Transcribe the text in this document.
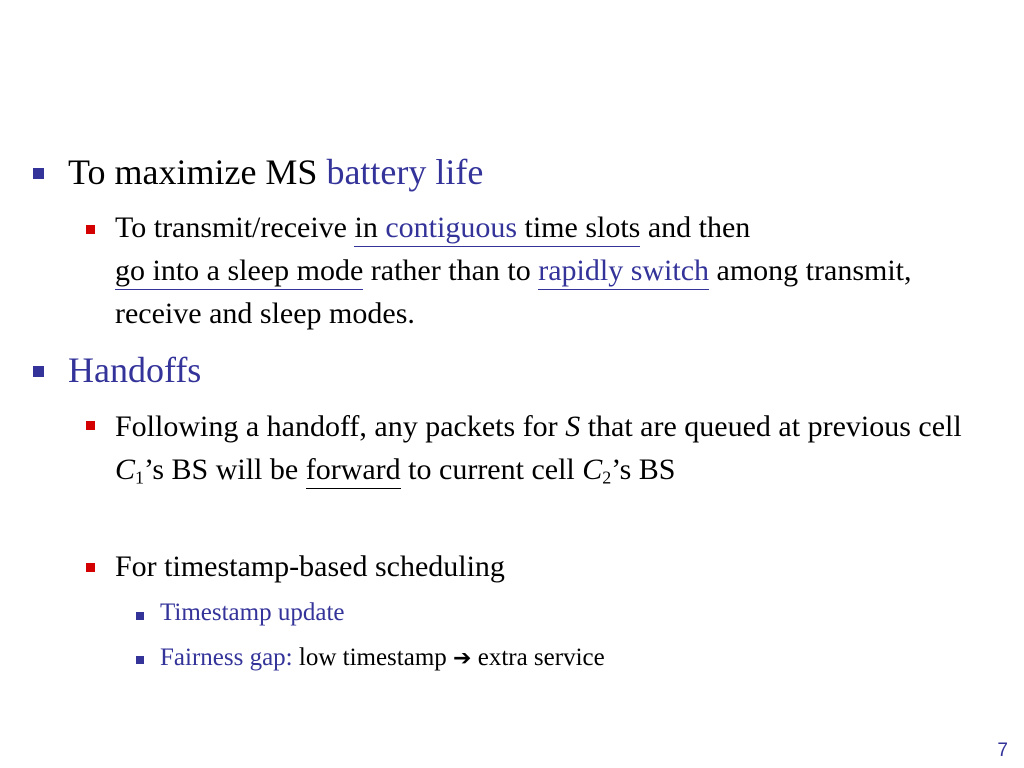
To maximize MS battery life
To transmit/receive in contiguous time slots and then go into a sleep mode rather than to rapidly switch among transmit, receive and sleep modes.
Handoffs
Following a handoff, any packets for S that are queued at previous cell $C_1’s$ BS will be forward to current cell $C_2’s$ BS
For timestamp-based scheduling
Timestamp update
Fairness gap: low timestamp ➔ extra service
7
